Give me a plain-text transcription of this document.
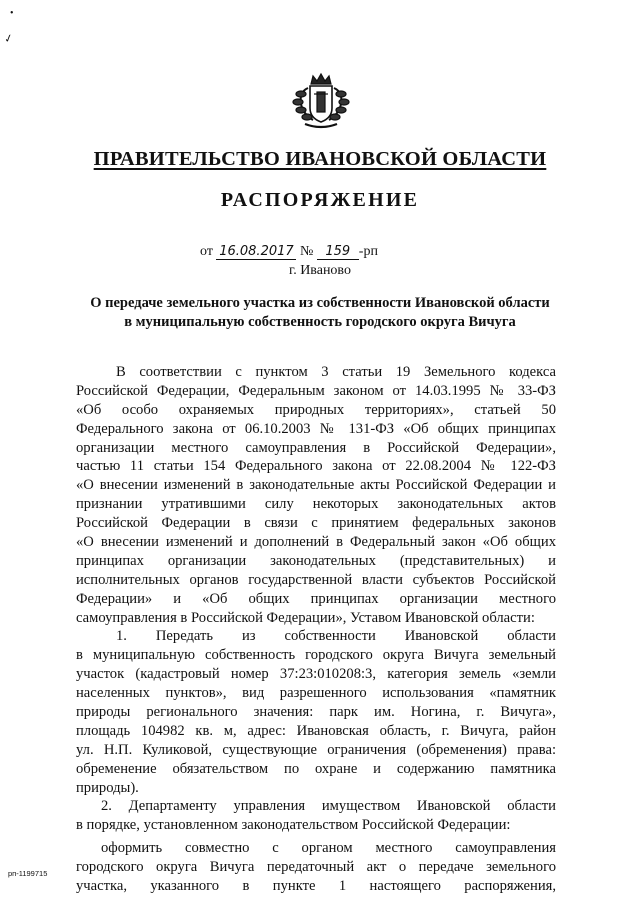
•
✓
ПРАВИТЕЛЬСТВО ИВАНОВСКОЙ ОБЛАСТИ
РАСПОРЯЖЕНИЕ
от 16.08.2017 № 159 -рп
г. Иваново
О передаче земельного участка из собственности Ивановской области
в муниципальную собственность городского округа Вичуга
В соответствии с пунктом 3 статьи 19 Земельного кодекса
Российской Федерации, Федеральным законом от 14.03.1995 № 33-ФЗ
«Об особо охраняемых природных территориях», статьей 50
Федерального закона от 06.10.2003 № 131-ФЗ «Об общих принципах
организации местного самоуправления в Российской Федерации»,
частью 11 статьи 154 Федерального закона от 22.08.2004 № 122-ФЗ
«О внесении изменений в законодательные акты Российской Федерации и
признании утратившими силу некоторых законодательных актов
Российской Федерации в связи с принятием федеральных законов
«О внесении изменений и дополнений в Федеральный закон «Об общих
принципах организации законодательных (представительных) и
исполнительных органов государственной власти субъектов Российской
Федерации» и «Об общих принципах организации местного
самоуправления в Российской Федерации», Уставом Ивановской области:
1. Передать из собственности Ивановской области
в муниципальную собственность городского округа Вичуга земельный
участок (кадастровый номер 37:23:010208:3, категория земель «земли
населенных пунктов», вид разрешенного использования «памятник
природы регионального значения: парк им. Ногина, г. Вичуга»,
площадь 104982 кв. м, адрес: Ивановская область, г. Вичуга, район
ул. Н.П. Куликовой, существующие ограничения (обременения) права:
обременение обязательством по охране и содержанию памятника
природы).
2. Департаменту управления имуществом Ивановской области
в порядке, установленном законодательством Российской Федерации:
оформить совместно с органом местного самоуправления
городского округа Вичуга передаточный акт о передаче земельного
участка, указанного в пункте 1 настоящего распоряжения,
рп-1199715
